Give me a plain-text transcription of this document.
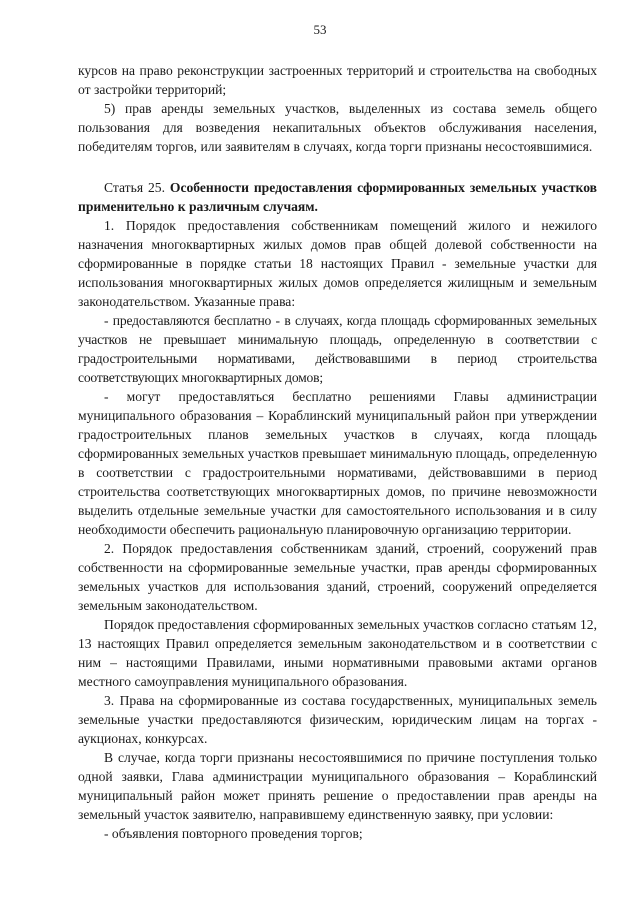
53

курсов на право реконструкции застроенных территорий и строительства на свободных от застройки территорий;

5) прав аренды земельных участков, выделенных из состава земель общего пользования для возведения некапитальных объектов обслуживания населения, победителям торгов, или заявителям в случаях, когда торги признаны несостоявшимися.

Статья 25. Особенности предоставления сформированных земельных участков применительно к различным случаям.

1. Порядок предоставления собственникам помещений жилого и нежилого назначения многоквартирных жилых домов прав общей долевой собственности на сформированные в порядке статьи 18 настоящих Правил - земельные участки для использования многоквартирных жилых домов определяется жилищным и земельным законодательством. Указанные права:

- предоставляются бесплатно - в случаях, когда площадь сформированных земельных участков не превышает минимальную площадь, определенную в соответствии с градостроительными нормативами, действовавшими в период строительства соответствующих многоквартирных домов;

- могут предоставляться бесплатно решениями Главы администрации муниципального образования – Кораблинский муниципальный район при утверждении градостроительных планов земельных участков в случаях, когда площадь сформированных земельных участков превышает минимальную площадь, определенную в соответствии с градостроительными нормативами, действовавшими в период строительства соответствующих многоквартирных домов, по причине невозможности выделить отдельные земельные участки для самостоятельного использования и в силу необходимости обеспечить рациональную планировочную организацию территории.

2. Порядок предоставления собственникам зданий, строений, сооружений прав собственности на сформированные земельные участки, прав аренды сформированных земельных участков для использования зданий, строений, сооружений определяется земельным законодательством.

Порядок предоставления сформированных земельных участков согласно статьям 12, 13 настоящих Правил определяется земельным законодательством и в соответствии с ним – настоящими Правилами, иными нормативными правовыми актами органов местного самоуправления муниципального образования.

3. Права на сформированные из состава государственных, муниципальных земель земельные участки предоставляются физическим, юридическим лицам на торгах - аукционах, конкурсах.

В случае, когда торги признаны несостоявшимися по причине поступления только одной заявки, Глава администрации муниципального образования – Кораблинский муниципальный район может принять решение о предоставлении прав аренды на земельный участок заявителю, направившему единственную заявку, при условии:

- объявления повторного проведения торгов;
